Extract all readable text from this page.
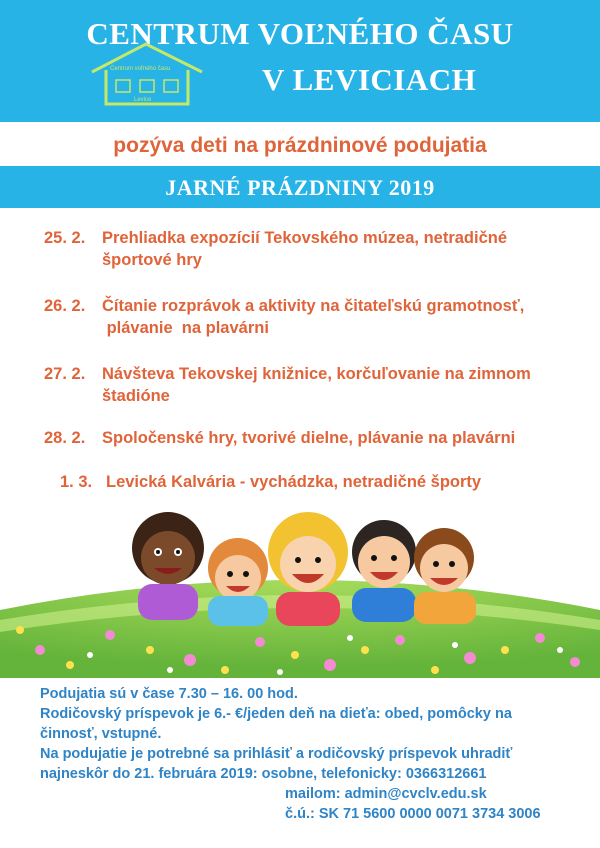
CENTRUM VOĽNÉHO ČASU
V LEVICIACH
Centrum voľného času
Levice
pozýva deti na prázdninové podujatia
JARNÉ PRÁZDNINY 2019
25. 2. Prehliadka expozícií Tekovského múzea, netradičné
športové hry
26. 2. Čítanie rozprávok a aktivity na čitateľskú gramotnosť,
plávanie  na plavárni
27. 2. Návšteva Tekovskej knižnice, korčuľovanie na zimnom
štadióne
28. 2. Spoločenské hry, tvorivé dielne, plávanie na plavárni
1. 3. Levická Kalvária - vychádzka, netradičné športy
Podujatia sú v čase 7.30 – 16. 00 hod.
Rodičovský príspevok je 6.- €/jeden deň na dieťa: obed, pomôcky na
činnosť, vstupné.
Na podujatie je potrebné sa prihlásiť a rodičovský príspevok uhradiť
najneskôr do 21. februára 2019: osobne, telefonicky: 0366312661
mailom: admin@cvclv.edu.sk
č.ú.: SK 71 5600 0000 0071 3734 3006
